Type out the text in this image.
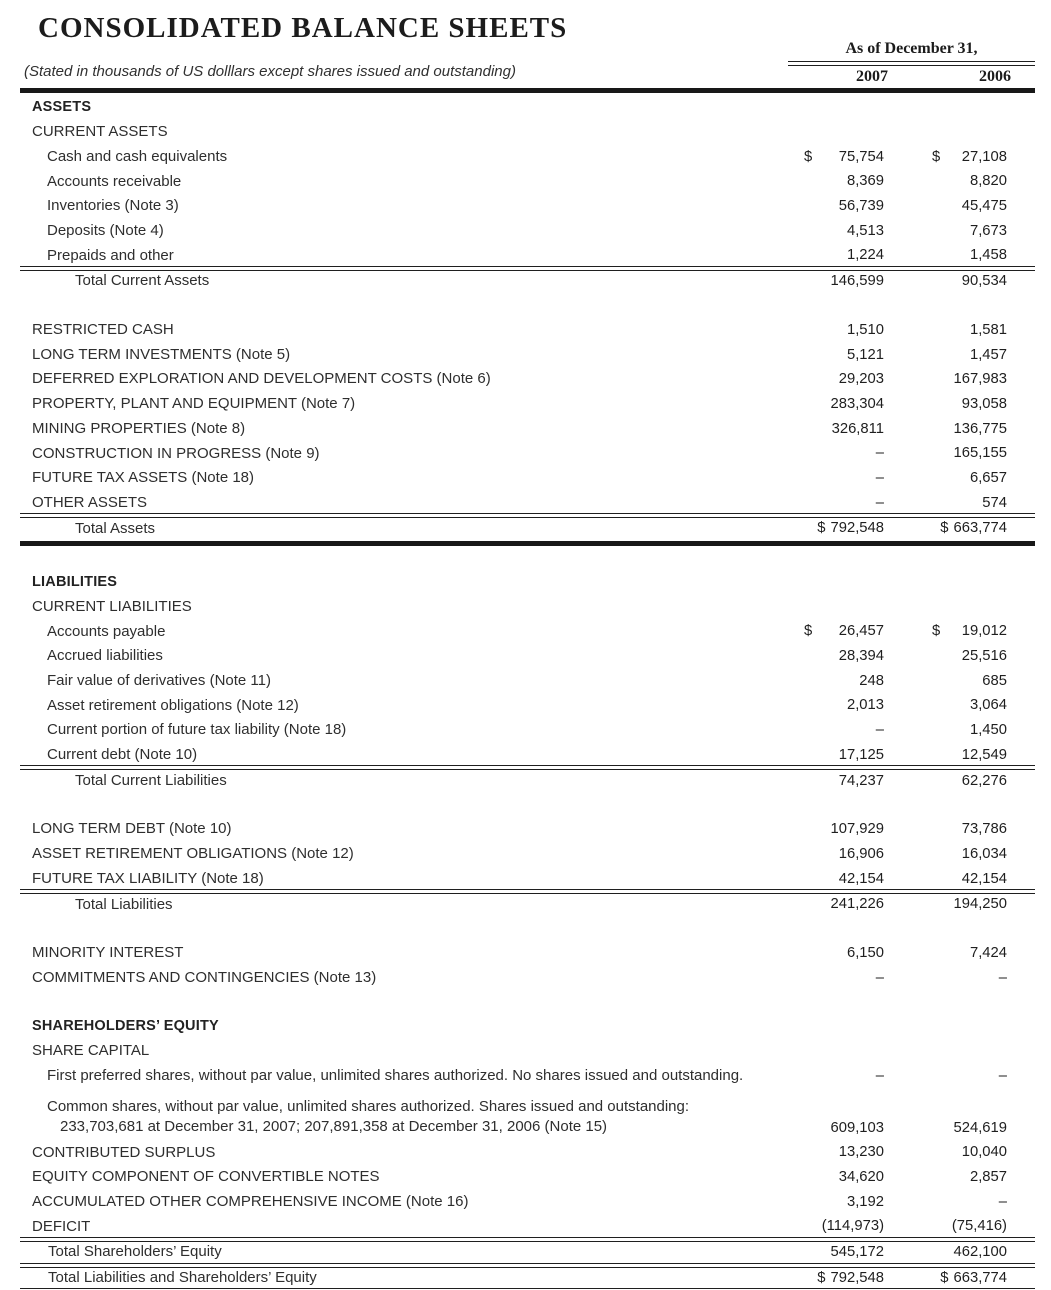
CONSOLIDATED BALANCE SHEETS
(Stated in thousands of US dolllars except shares issued and outstanding)
As of December 31,
2007	2006
ASSETS
CURRENT ASSETS
Cash and cash equivalents	$ 75,754	$ 27,108
Accounts receivable	8,369	8,820
Inventories (Note 3)	56,739	45,475
Deposits (Note 4)	4,513	7,673
Prepaids and other	1,224	1,458
Total Current Assets	146,599	90,534
RESTRICTED CASH	1,510	1,581
LONG TERM INVESTMENTS (Note 5)	5,121	1,457
DEFERRED EXPLORATION AND DEVELOPMENT COSTS (Note 6)	29,203	167,983
PROPERTY, PLANT AND EQUIPMENT (Note 7)	283,304	93,058
MINING PROPERTIES (Note 8)	326,811	136,775
CONSTRUCTION IN PROGRESS (Note 9)	–	165,155
FUTURE TAX ASSETS (Note 18)	–	6,657
OTHER ASSETS	–	574
Total Assets	$ 792,548	$ 663,774
LIABILITIES
CURRENT LIABILITIES
Accounts payable	$ 26,457	$ 19,012
Accrued liabilities	28,394	25,516
Fair value of derivatives (Note 11)	248	685
Asset retirement obligations (Note 12)	2,013	3,064
Current portion of future tax liability (Note 18)	–	1,450
Current debt (Note 10)	17,125	12,549
Total Current Liabilities	74,237	62,276
LONG TERM DEBT (Note 10)	107,929	73,786
ASSET RETIREMENT OBLIGATIONS (Note 12)	16,906	16,034
FUTURE TAX LIABILITY (Note 18)	42,154	42,154
Total Liabilities	241,226	194,250
MINORITY INTEREST	6,150	7,424
COMMITMENTS AND CONTINGENCIES (Note 13)	–	–
SHAREHOLDERS’ EQUITY
SHARE CAPITAL
First preferred shares, without par value, unlimited shares authorized. No shares issued and outstanding.	–	–
Common shares, without par value, unlimited shares authorized. Shares issued and outstanding:
233,703,681 at December 31, 2007; 207,891,358 at December 31, 2006 (Note 15)	609,103	524,619
CONTRIBUTED SURPLUS	13,230	10,040
EQUITY COMPONENT OF CONVERTIBLE NOTES	34,620	2,857
ACCUMULATED OTHER COMPREHENSIVE INCOME (Note 16)	3,192	–
DEFICIT	(114,973)	(75,416)
Total Shareholders’ Equity	545,172	462,100
Total Liabilities and Shareholders’ Equity	$ 792,548	$ 663,774
